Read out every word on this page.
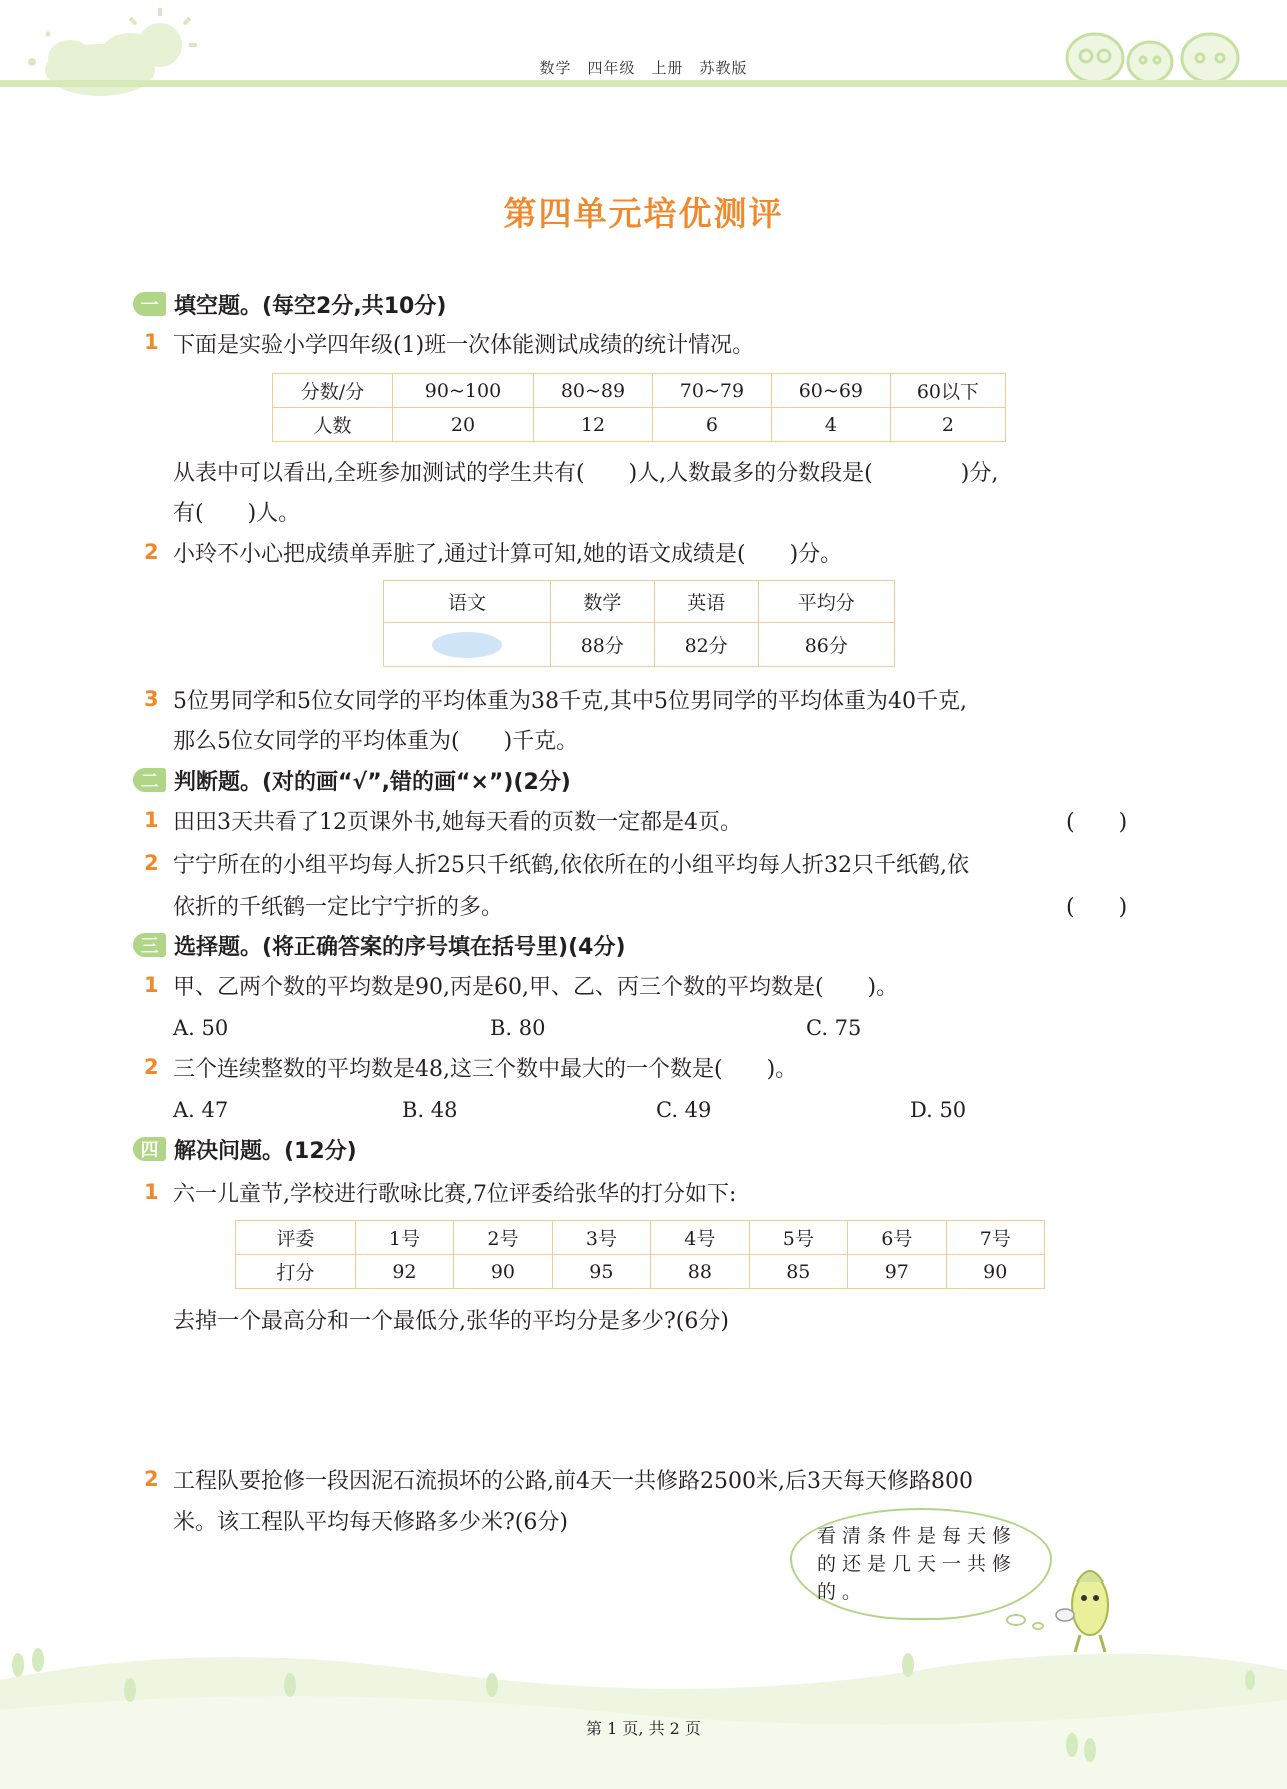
数学 四年级 上册 苏教版
第四单元培优测评
一 填空题。(每空2分,共10分)
1 下面是实验小学四年级(1)班一次体能测试成绩的统计情况。
分数/分	90~100	80~89	70~79	60~69	60以下
人数	20	12	6	4	2
从表中可以看出,全班参加测试的学生共有(　　)人,人数最多的分数段是(　　　　)分,
有(　　)人。
2 小玲不小心把成绩单弄脏了,通过计算可知,她的语文成绩是(　　)分。
语文	数学	英语	平均分
	88分	82分	86分
3 5位男同学和5位女同学的平均体重为38千克,其中5位男同学的平均体重为40千克,
那么5位女同学的平均体重为(　　)千克。
二 判断题。(对的画“√”,错的画“×”)(2分)
1 田田3天共看了12页课外书,她每天看的页数一定都是4页。	(　　)
2 宁宁所在的小组平均每人折25只千纸鹤,依依所在的小组平均每人折32只千纸鹤,依
依折的千纸鹤一定比宁宁折的多。	(　　)
三 选择题。(将正确答案的序号填在括号里)(4分)
1 甲、乙两个数的平均数是90,丙是60,甲、乙、丙三个数的平均数是(　　)。
A. 50	B. 80	C. 75
2 三个连续整数的平均数是48,这三个数中最大的一个数是(　　)。
A. 47	B. 48	C. 49	D. 50
四 解决问题。(12分)
1 六一儿童节,学校进行歌咏比赛,7位评委给张华的打分如下:
评委	1号	2号	3号	4号	5号	6号	7号
打分	92	90	95	88	85	97	90
去掉一个最高分和一个最低分,张华的平均分是多少?(6分)
2 工程队要抢修一段因泥石流损坏的公路,前4天一共修路2500米,后3天每天修路800
米。该工程队平均每天修路多少米?(6分)
看清条件是每天修
的还是几天一共修
的。
第 1 页, 共 2 页
